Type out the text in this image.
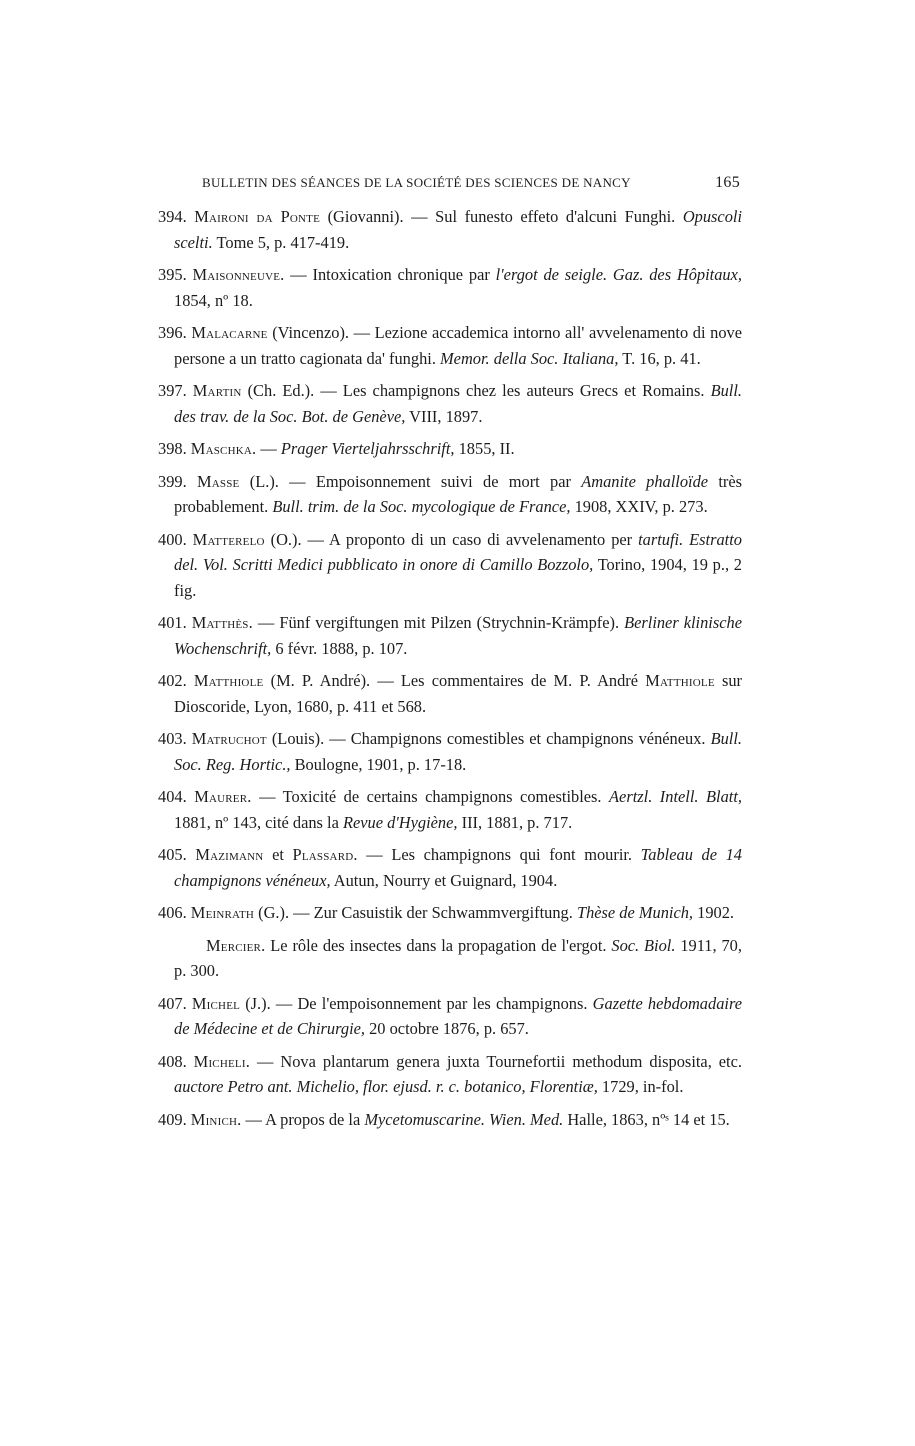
BULLETIN DES SÉANCES DE LA SOCIÉTÉ DES SCIENCES DE NANCY	165
394. Maironi da Ponte (Giovanni). — Sul funesto effeto d'alcuni Funghi. Opuscoli scelti. Tome 5, p. 417-419.
395. Maisonneuve. — Intoxication chronique par l'ergot de seigle. Gaz. des Hôpitaux, 1854, nº 18.
396. Malacarne (Vincenzo). — Lezione accademica intorno all' avvelenamento di nove persone a un tratto cagionata da' funghi. Memor. della Soc. Italiana, T. 16, p. 41.
397. Martin (Ch. Ed.). — Les champignons chez les auteurs Grecs et Romains. Bull. des trav. de la Soc. Bot. de Genève, VIII, 1897.
398. Maschka. — Prager Vierteljahrsschrift, 1855, II.
399. Masse (L.). — Empoisonnement suivi de mort par Amanite phalloïde très probablement. Bull. trim. de la Soc. mycologique de France, 1908, XXIV, p. 273.
400. Matterelo (O.). — A proponto di un caso di avvelenamento per tartufi. Estratto del. Vol. Scritti Medici pubblicato in onore di Camillo Bozzolo, Torino, 1904, 19 p., 2 fig.
401. Matthès. — Fünf vergiftungen mit Pilzen (Strychnin-Krämpfe). Berliner klinische Wochenschrift, 6 févr. 1888, p. 107.
402. Matthiole (M. P. André). — Les commentaires de M. P. André Matthiole sur Dioscoride, Lyon, 1680, p. 411 et 568.
403. Matruchot (Louis). — Champignons comestibles et champignons vénéneux. Bull. Soc. Reg. Hortic., Boulogne, 1901, p. 17-18.
404. Maurer. — Toxicité de certains champignons comestibles. Aertzl. Intell. Blatt, 1881, nº 143, cité dans la Revue d'Hygiène, III, 1881, p. 717.
405. Mazimann et Plassard. — Les champignons qui font mourir. Tableau de 14 champignons vénéneux, Autun, Nourry et Guignard, 1904.
406. Meinrath (G.). — Zur Casuistik der Schwammvergiftung. Thèse de Munich, 1902.
Mercier. Le rôle des insectes dans la propagation de l'ergot. Soc. Biol. 1911, 70, p. 300.
407. Michel (J.). — De l'empoisonnement par les champignons. Gazette hebdomadaire de Médecine et de Chirurgie, 20 octobre 1876, p. 657.
408. Micheli. — Nova plantarum genera juxta Tournefortii methodum disposita, etc. auctore Petro ant. Michelio, flor. ejusd. r. c. botanico, Florentiæ, 1729, in-fol.
409. Minich. — A propos de la Mycetomuscarine. Wien. Med. Halle, 1863, nºˢ 14 et 15.
